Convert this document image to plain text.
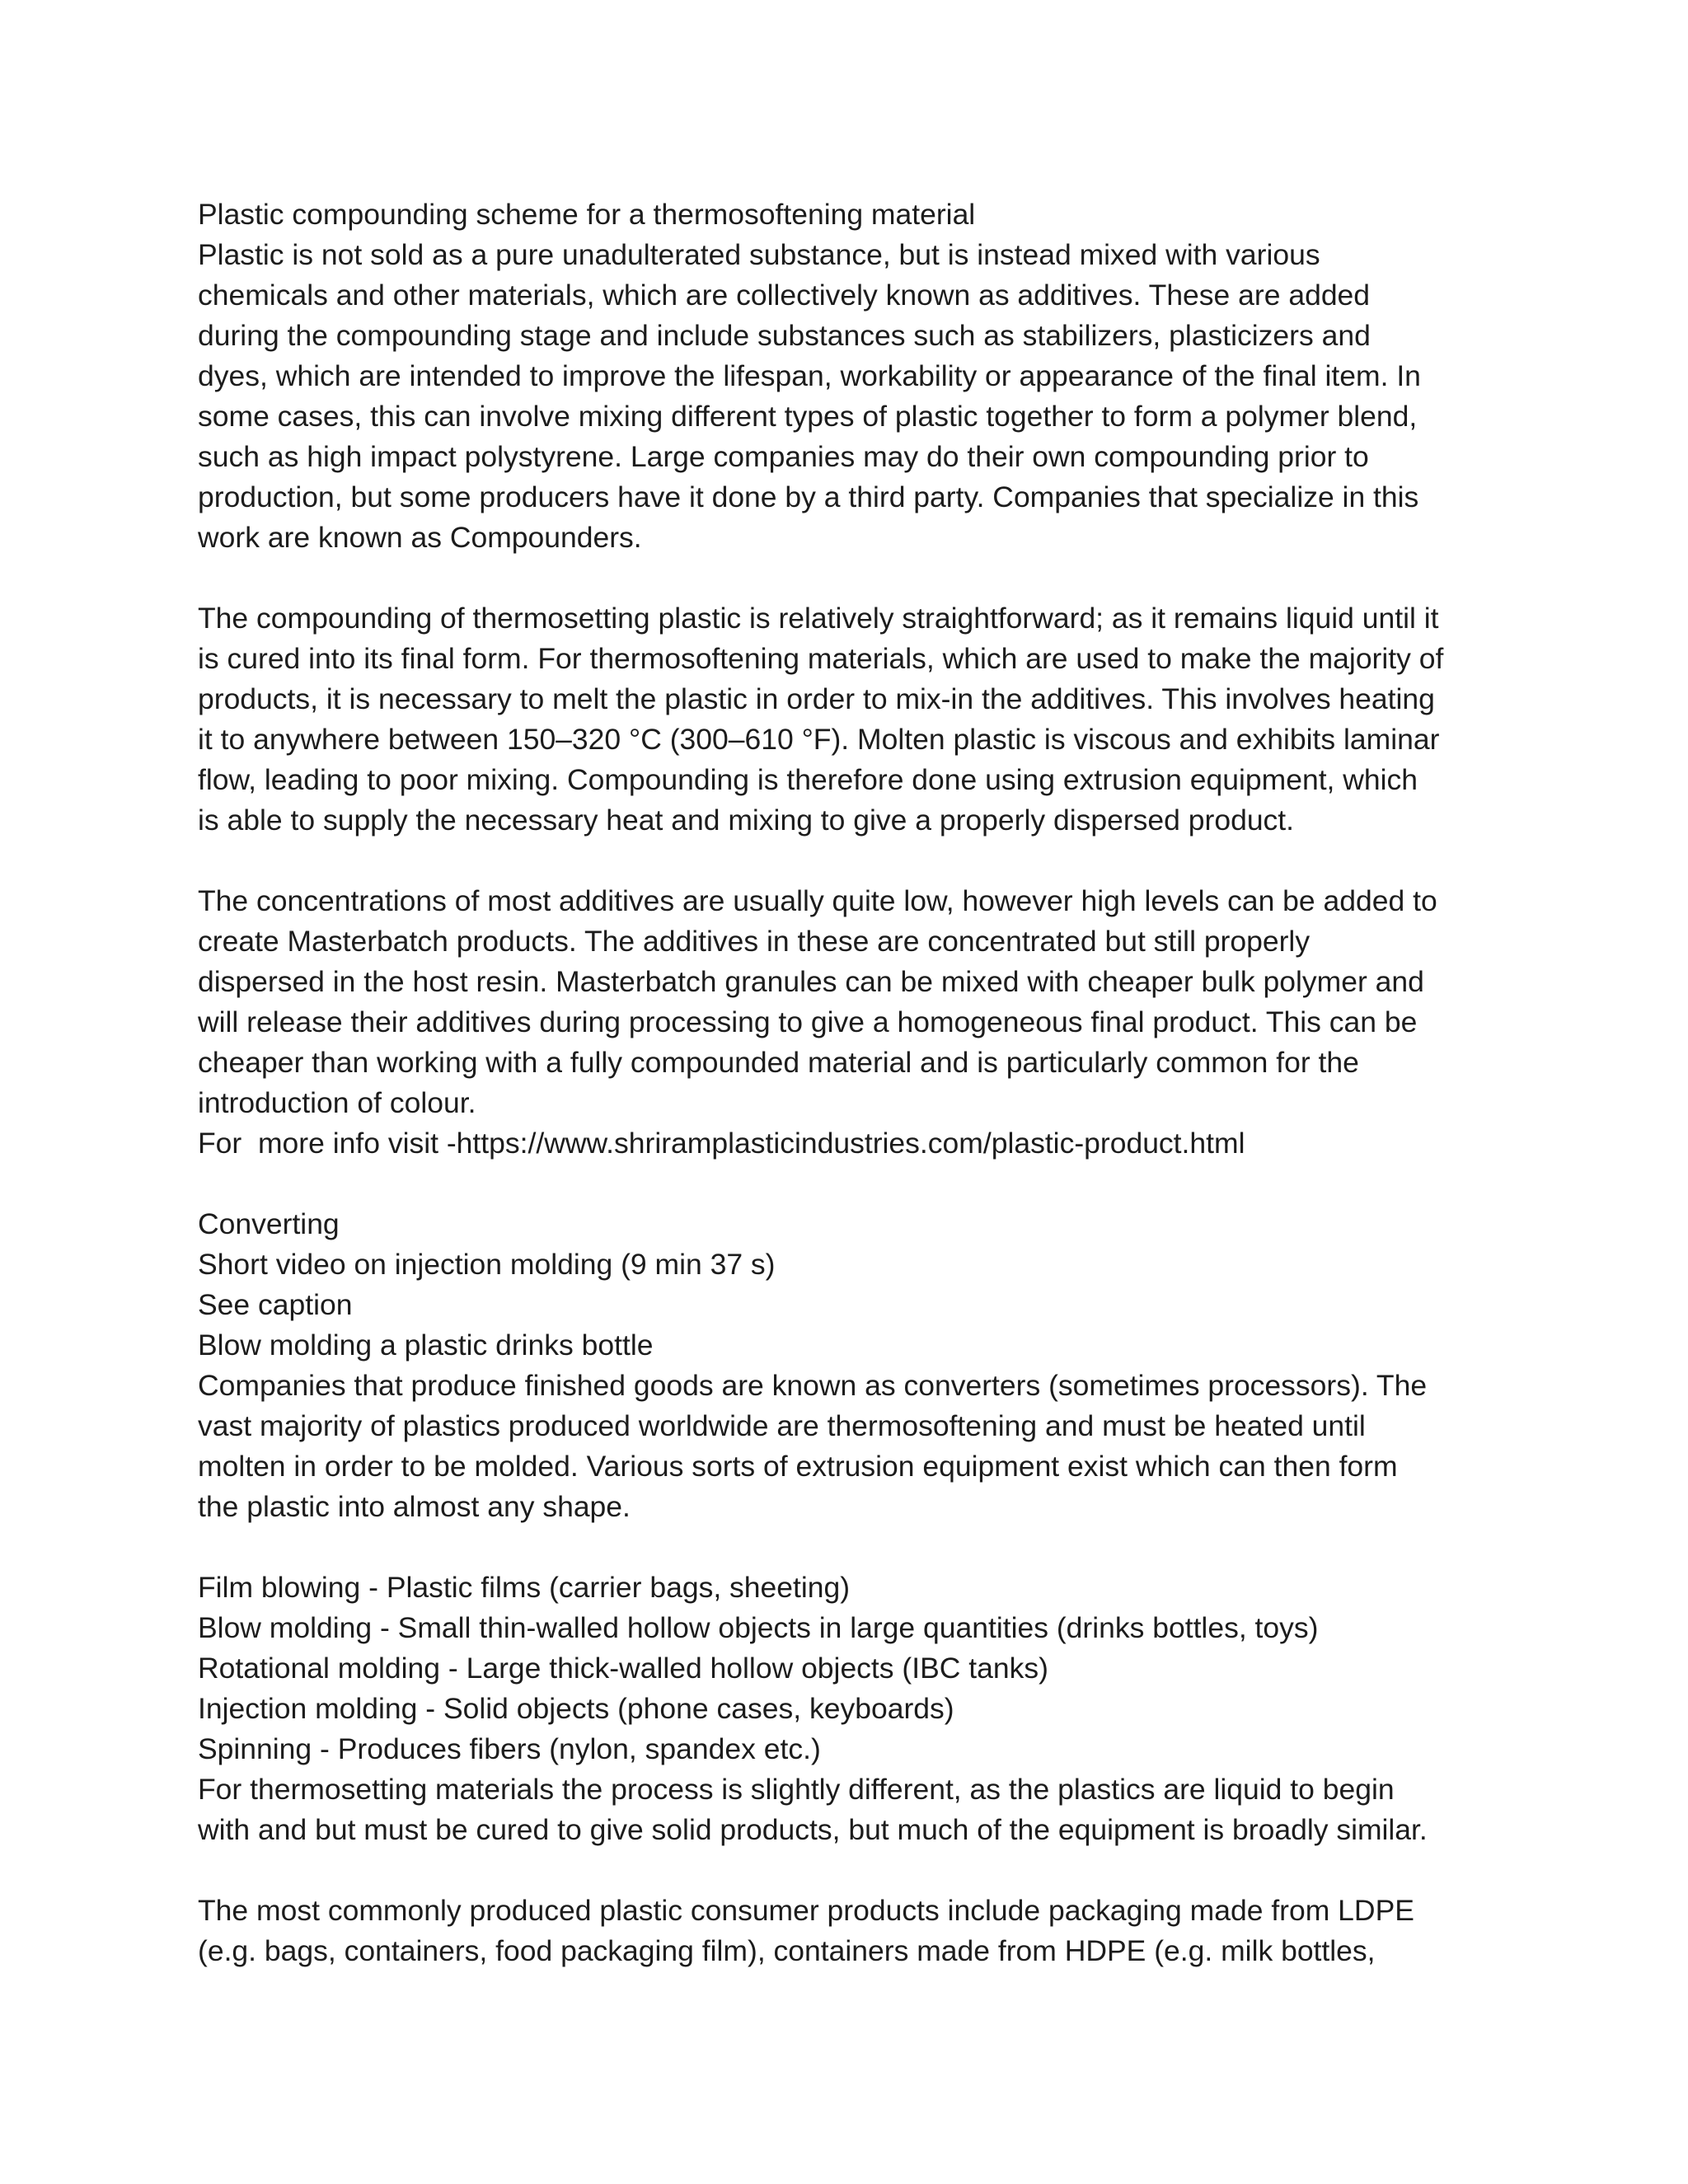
Plastic compounding scheme for a thermosoftening material
Plastic is not sold as a pure unadulterated substance, but is instead mixed with various
chemicals and other materials, which are collectively known as additives. These are added
during the compounding stage and include substances such as stabilizers, plasticizers and
dyes, which are intended to improve the lifespan, workability or appearance of the final item. In
some cases, this can involve mixing different types of plastic together to form a polymer blend,
such as high impact polystyrene. Large companies may do their own compounding prior to
production, but some producers have it done by a third party. Companies that specialize in this
work are known as Compounders.
The compounding of thermosetting plastic is relatively straightforward; as it remains liquid until it
is cured into its final form. For thermosoftening materials, which are used to make the majority of
products, it is necessary to melt the plastic in order to mix-in the additives. This involves heating
it to anywhere between 150–320 °C (300–610 °F). Molten plastic is viscous and exhibits laminar
flow, leading to poor mixing. Compounding is therefore done using extrusion equipment, which
is able to supply the necessary heat and mixing to give a properly dispersed product.
The concentrations of most additives are usually quite low, however high levels can be added to
create Masterbatch products. The additives in these are concentrated but still properly
dispersed in the host resin. Masterbatch granules can be mixed with cheaper bulk polymer and
will release their additives during processing to give a homogeneous final product. This can be
cheaper than working with a fully compounded material and is particularly common for the
introduction of colour.
For  more info visit -https://www.shriramplasticindustries.com/plastic-product.html
Converting
Short video on injection molding (9 min 37 s)
See caption
Blow molding a plastic drinks bottle
Companies that produce finished goods are known as converters (sometimes processors). The
vast majority of plastics produced worldwide are thermosoftening and must be heated until
molten in order to be molded. Various sorts of extrusion equipment exist which can then form
the plastic into almost any shape.
Film blowing - Plastic films (carrier bags, sheeting)
Blow molding - Small thin-walled hollow objects in large quantities (drinks bottles, toys)
Rotational molding - Large thick-walled hollow objects (IBC tanks)
Injection molding - Solid objects (phone cases, keyboards)
Spinning - Produces fibers (nylon, spandex etc.)
For thermosetting materials the process is slightly different, as the plastics are liquid to begin
with and but must be cured to give solid products, but much of the equipment is broadly similar.
The most commonly produced plastic consumer products include packaging made from LDPE
(e.g. bags, containers, food packaging film), containers made from HDPE (e.g. milk bottles,
